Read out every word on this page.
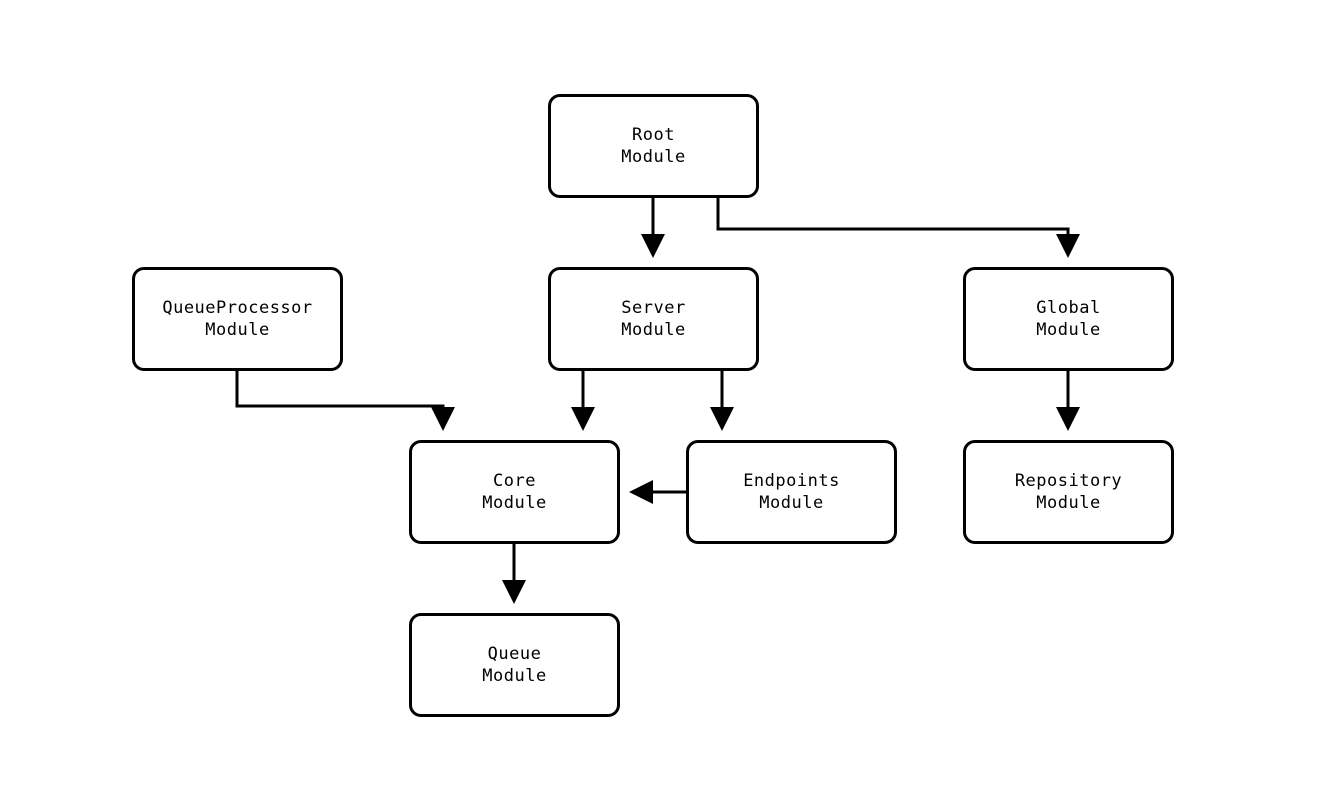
Root
Module
QueueProcessor
Module
Server
Module
Global
Module
Core
Module
Endpoints
Module
Repository
Module
Queue
Module
